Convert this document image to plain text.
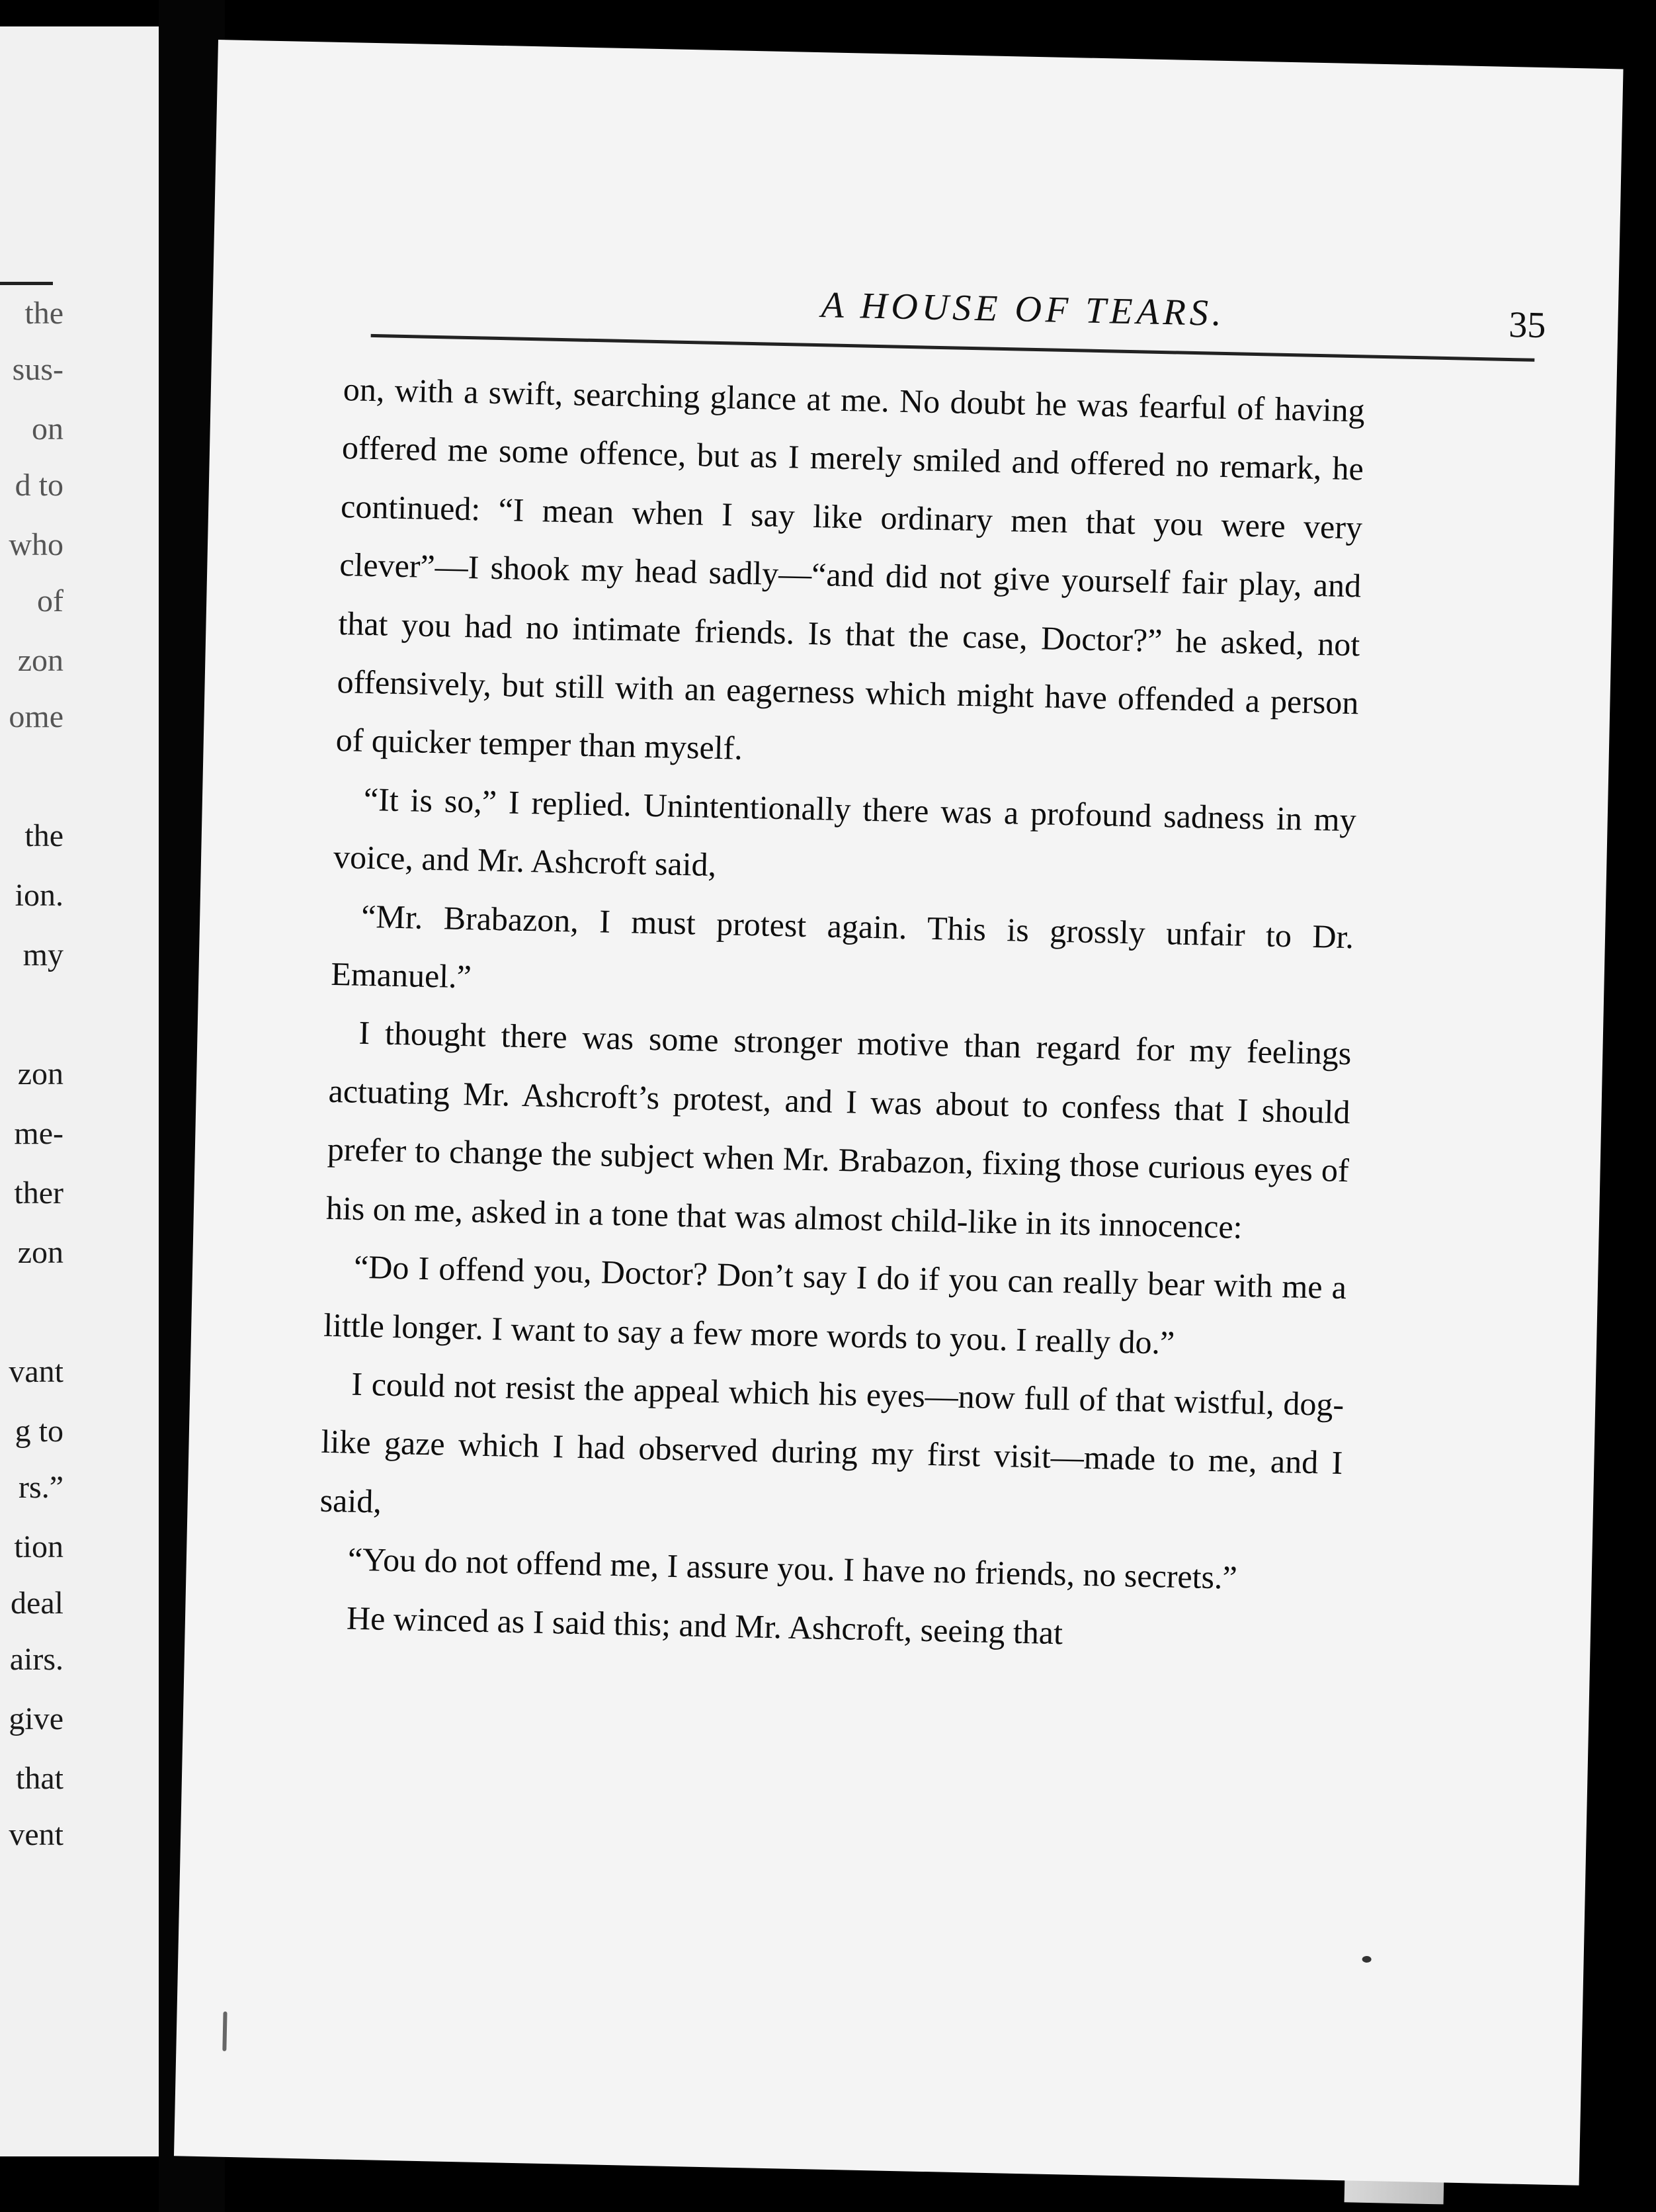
the
sus-
on
d to
who
of
zon
ome
the
ion.
my
zon
me-
ther
zon
vant
g to
rs.”
tion
deal
airs.
give
that
vent
A HOUSE OF TEARS.	35

on, with a swift, searching glance at me. No doubt he was fearful of having offered me some offence, but as I merely smiled and offered no remark, he continued: “I mean when I say like ordinary men that you were very clever”—I shook my head sadly—“and did not give yourself fair play, and that you had no intimate friends. Is that the case, Doctor?” he asked, not offensively, but still with an eagerness which might have offended a person of quicker temper than myself.

“It is so,” I replied. Unintentionally there was a profound sadness in my voice, and Mr. Ashcroft said,

“Mr. Brabazon, I must protest again. This is grossly unfair to Dr. Emanuel.”

I thought there was some stronger motive than regard for my feelings actuating Mr. Ashcroft’s protest, and I was about to confess that I should prefer to change the subject when Mr. Brabazon, fixing those curious eyes of his on me, asked in a tone that was almost child-like in its innocence:

“Do I offend you, Doctor? Don’t say I do if you can really bear with me a little longer. I want to say a few more words to you. I really do.”

I could not resist the appeal which his eyes—now full of that wistful, dog-like gaze which I had observed during my first visit—made to me, and I said,

“You do not offend me, I assure you. I have no friends, no secrets.”

He winced as I said this; and Mr. Ashcroft, seeing that
